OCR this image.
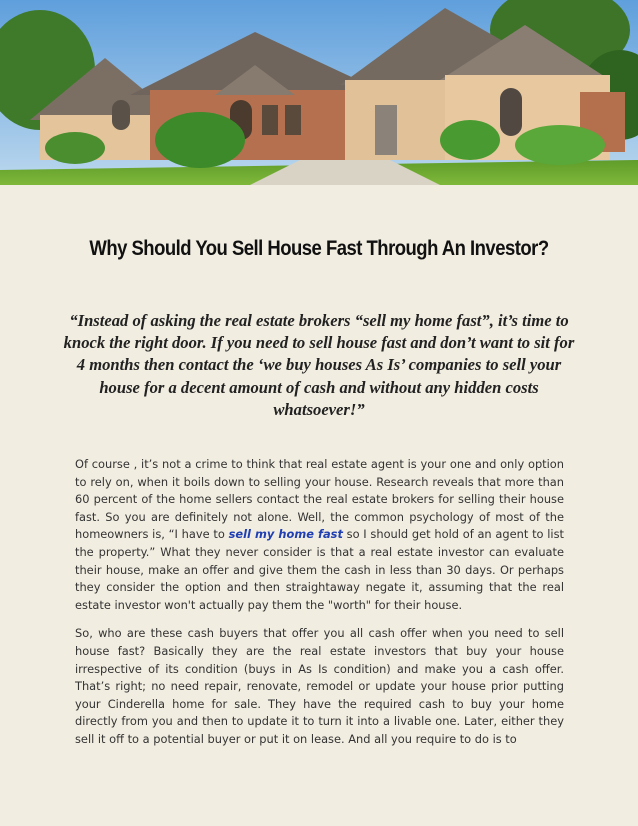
Why Should You Sell House Fast Through An Investor?

“Instead of asking the real estate brokers “sell my home fast”, it’s time to knock the right door. If you need to sell house fast and don’t want to sit for 4 months then contact the ‘we buy houses As Is’ companies to sell your house for a decent amount of cash and without any hidden costs whatsoever!”

Of course , it’s not a crime to think that real estate agent is your one and only option to rely on, when it boils down to selling your house. Research reveals that more than 60 percent of the home sellers contact the real estate brokers for selling their house fast. So you are definitely not alone. Well, the common psychology of most of the homeowners is, “I have to sell my home fast so I should get hold of an agent to list the property.” What they never consider is that a real estate investor can evaluate their house, make an offer and give them the cash in less than 30 days. Or perhaps they consider the option and then straightaway negate it, assuming that the real estate investor won't actually pay them the "worth" for their house.

So, who are these cash buyers that offer you all cash offer when you need to sell house fast? Basically they are the real estate investors that buy your house irrespective of its condition (buys in As Is condition) and make you a cash offer. That’s right; no need repair, renovate, remodel or update your house prior putting your Cinderella home for sale. They have the required cash to buy your home directly from you and then to update it to turn it into a livable one. Later, either they sell it off to a potential buyer or put it on lease. And all you require to do is to
